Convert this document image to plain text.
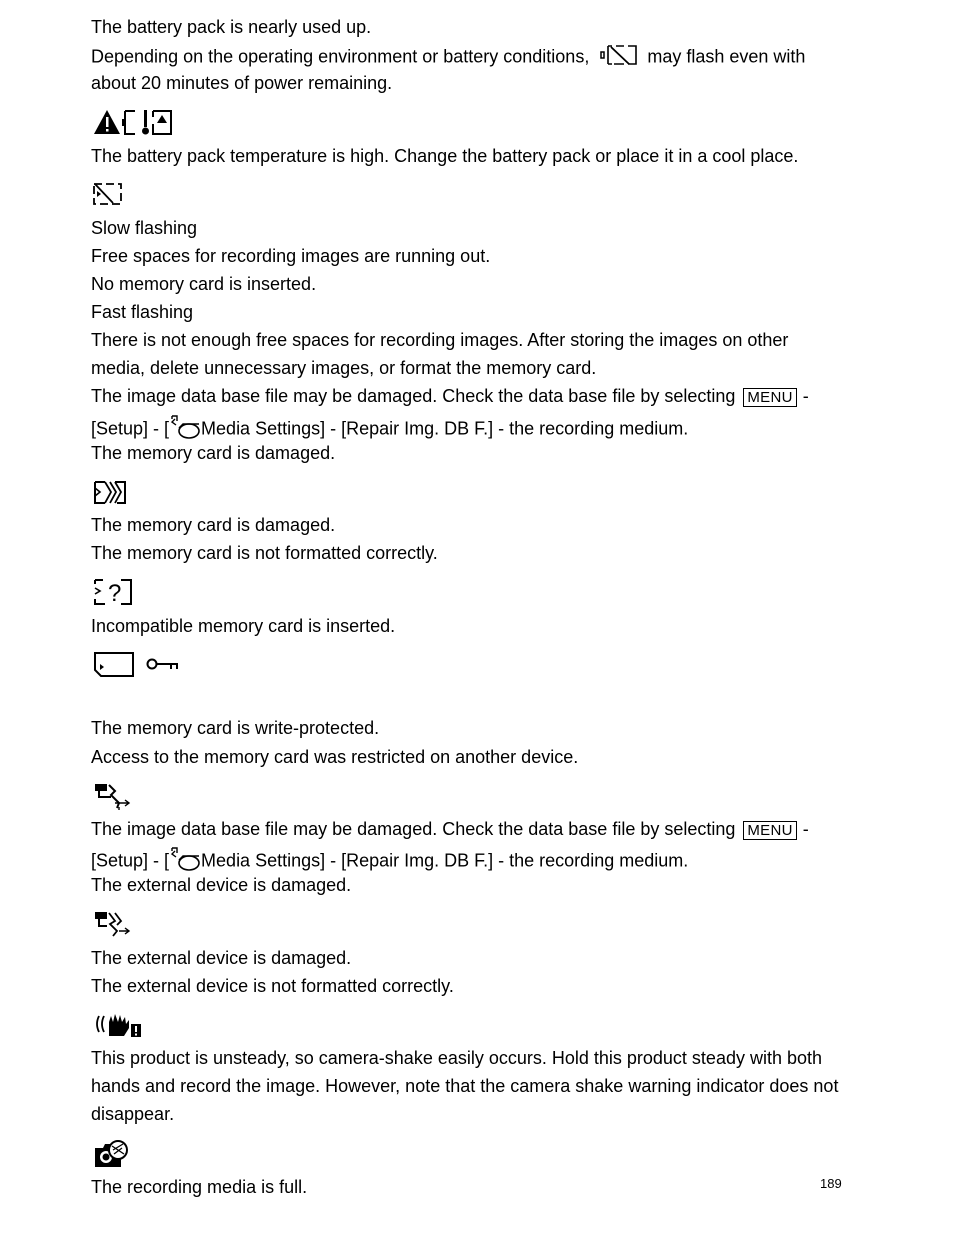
The battery pack is nearly used up.
Depending on the operating environment or battery conditions,	may flash even with
about 20 minutes of power remaining.
The battery pack temperature is high. Change the battery pack or place it in a cool place.
Slow flashing
Free spaces for recording images are running out.
No memory card is inserted.
Fast flashing
There is not enough free spaces for recording images. After storing the images on other
media, delete unnecessary images, or format the memory card.
The image data base file may be damaged. Check the data base file by selecting MENU -
[Setup] - [ Media Settings] - [Repair Img. DB F.] - the recording medium.
The memory card is damaged.
The memory card is damaged.
The memory card is not formatted correctly.
?
Incompatible memory card is inserted.
The memory card is write-protected.
Access to the memory card was restricted on another device.
The image data base file may be damaged. Check the data base file by selecting MENU -
[Setup] - [ Media Settings] - [Repair Img. DB F.] - the recording medium.
The external device is damaged.
The external device is damaged.
The external device is not formatted correctly.
This product is unsteady, so camera-shake easily occurs. Hold this product steady with both
hands and record the image. However, note that the camera shake warning indicator does not
disappear.
The recording media is full.	189
